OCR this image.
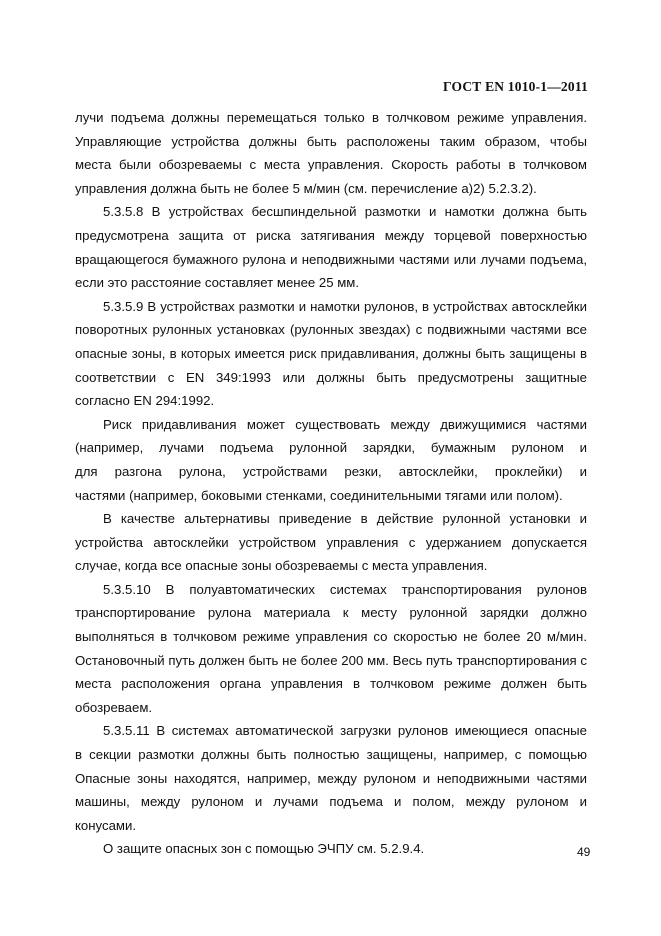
ГОСТ EN 1010-1—2011
лучи подъема должны перемещаться только в толчковом режиме управления.
Управляющие устройства должны быть расположены таким образом, чтобы
места были обозреваемы с места управления. Скорость работы в толчковом
управления должна быть не более 5 м/мин (см. перечисление а)2) 5.2.3.2).
5.3.5.8 В устройствах бесшпиндельной размотки и намотки должна быть
предусмотрена защита от риска затягивания между торцевой поверхностью
вращающегося бумажного рулона и неподвижными частями или лучами подъема,
если это расстояние составляет менее 25 мм.
5.3.5.9 В устройствах размотки и намотки рулонов, в устройствах автосклейки
поворотных рулонных установках (рулонных звездах) с подвижными частями все
опасные зоны, в которых имеется риск придавливания, должны быть защищены в
соответствии с EN 349:1993 или должны быть предусмотрены защитные
согласно EN 294:1992.
Риск придавливания может существовать между движущимися частями
(например, лучами подъема рулонной зарядки, бумажным рулоном и
для разгона рулона, устройствами резки, автосклейки, проклейки) и
частями (например, боковыми стенками, соединительными тягами или полом).
В качестве альтернативы приведение в действие рулонной установки и
устройства автосклейки устройством управления с удержанием допускается
случае, когда все опасные зоны обозреваемы с места управления.
5.3.5.10 В полуавтоматических системах транспортирования рулонов
транспортирование рулона материала к месту рулонной зарядки должно
выполняться в толчковом режиме управления со скоростью не более 20 м/мин.
Остановочный путь должен быть не более 200 мм. Весь путь транспортирования с
места расположения органа управления в толчковом режиме должен быть
обозреваем.
5.3.5.11 В системах автоматической загрузки рулонов имеющиеся опасные
в секции размотки должны быть полностью защищены, например, с помощью
Опасные зоны находятся, например, между рулоном и неподвижными частями
машины, между рулоном и лучами подъема и полом, между рулоном и
конусами.
О защите опасных зон с помощью ЭЧПУ см. 5.2.9.4.	49
